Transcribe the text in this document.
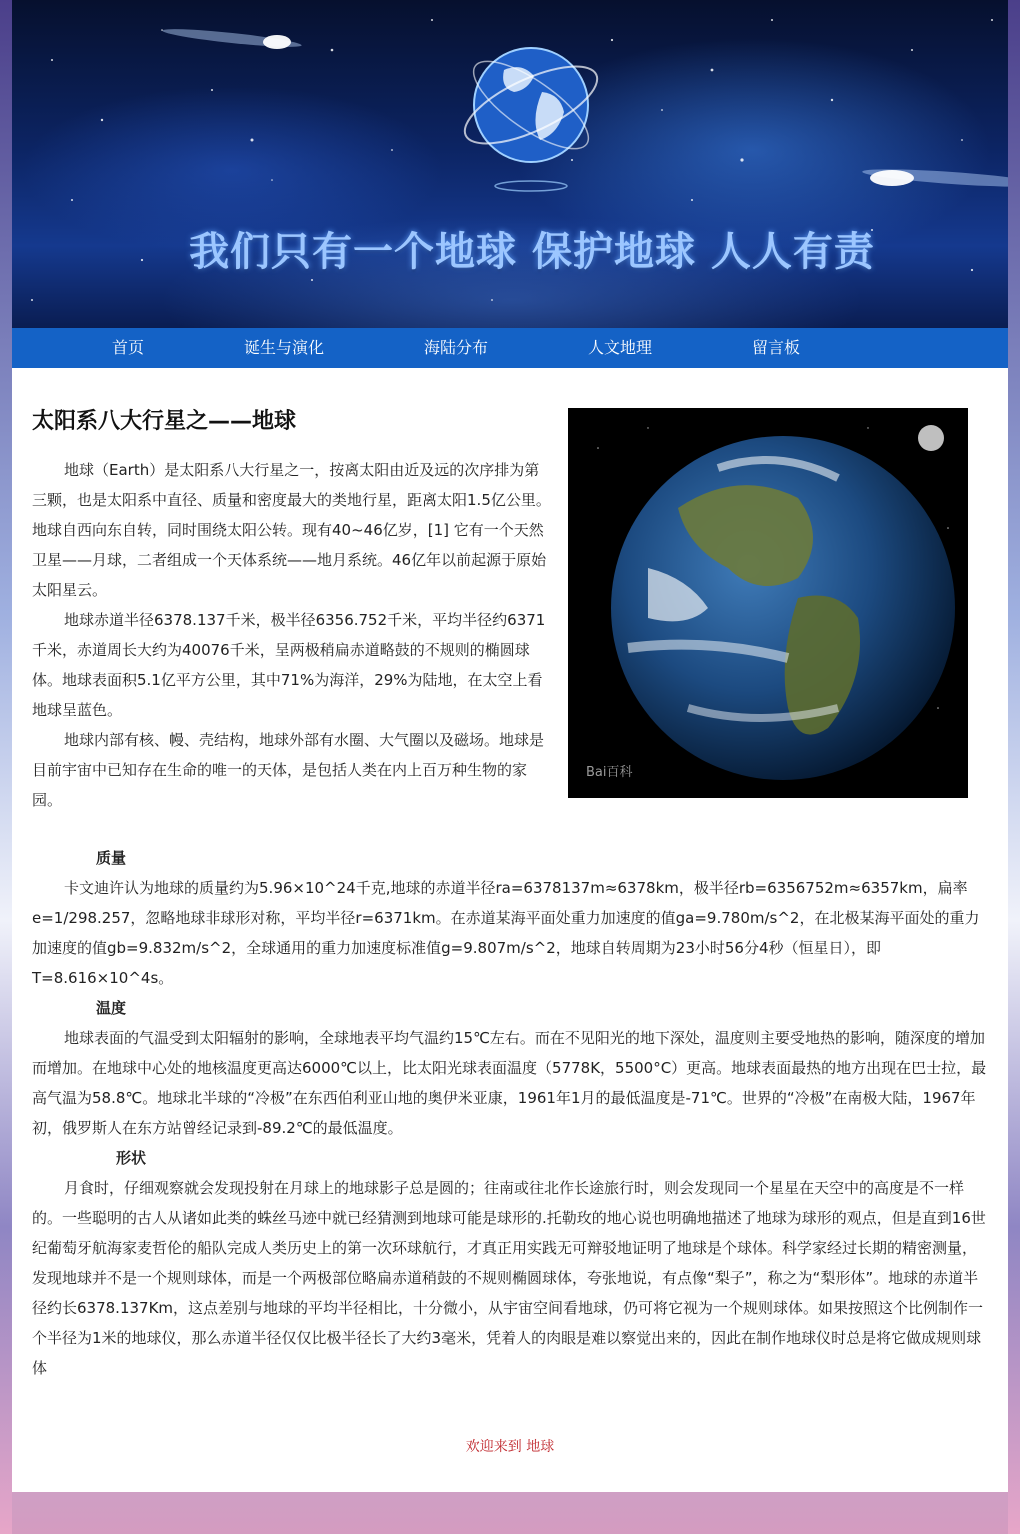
我们只有一个地球 保护地球 人人有责
首页	诞生与演化	海陆分布	人文地理	留言板
太阳系八大行星之——地球

地球（Earth）是太阳系八大行星之一，按离太阳由近及远的次序排为第三颗，也是太阳系中直径、质量和密度最大的类地行星，距离太阳1.5亿公里。地球自西向东自转，同时围绕太阳公转。现有40~46亿岁，[1] 它有一个天然卫星——月球，二者组成一个天体系统——地月系统。46亿年以前起源于原始太阳星云。

地球赤道半径6378.137千米，极半径6356.752千米，平均半径约6371千米，赤道周长大约为40076千米，呈两极稍扁赤道略鼓的不规则的椭圆球体。地球表面积5.1亿平方公里，其中71%为海洋，29%为陆地，在太空上看地球呈蓝色。

地球内部有核、幔、壳结构，地球外部有水圈、大气圈以及磁场。地球是目前宇宙中已知存在生命的唯一的天体，是包括人类在内上百万种生物的家园。

Bai百科

质量

卡文迪许认为地球的质量约为5.96×10^24千克,地球的赤道半径ra=6378137m≈6378km，极半径rb=6356752m≈6357km，扁率e=1/298.257，忽略地球非球形对称，平均半径r=6371km。在赤道某海平面处重力加速度的值ga=9.780m/s^2，在北极某海平面处的重力加速度的值gb=9.832m/s^2，全球通用的重力加速度标准值g=9.807m/s^2，地球自转周期为23小时56分4秒（恒星日），即T=8.616×10^4s。

温度

地球表面的气温受到太阳辐射的影响，全球地表平均气温约15℃左右。而在不见阳光的地下深处，温度则主要受地热的影响，随深度的增加而增加。在地球中心处的地核温度更高达6000℃以上，比太阳光球表面温度（5778K，5500°C）更高。地球表面最热的地方出现在巴士拉，最高气温为58.8℃。地球北半球的“冷极”在东西伯利亚山地的奥伊米亚康，1961年1月的最低温度是-71℃。世界的“冷极”在南极大陆，1967年初，俄罗斯人在东方站曾经记录到-89.2℃的最低温度。

形状

月食时，仔细观察就会发现投射在月球上的地球影子总是圆的；往南或往北作长途旅行时，则会发现同一个星星在天空中的高度是不一样的。一些聪明的古人从诸如此类的蛛丝马迹中就已经猜测到地球可能是球形的.托勒玫的地心说也明确地描述了地球为球形的观点，但是直到16世纪葡萄牙航海家麦哲伦的船队完成人类历史上的第一次环球航行，才真正用实践无可辩驳地证明了地球是个球体。科学家经过长期的精密测量，发现地球并不是一个规则球体，而是一个两极部位略扁赤道稍鼓的不规则椭圆球体，夸张地说，有点像“梨子”，称之为“梨形体”。地球的赤道半径约长6378.137Km，这点差别与地球的平均半径相比，十分微小，从宇宙空间看地球，仍可将它视为一个规则球体。如果按照这个比例制作一个半径为1米的地球仪，那么赤道半径仅仅比极半径长了大约3毫米，凭着人的肉眼是难以察觉出来的，因此在制作地球仪时总是将它做成规则球体

欢迎来到 地球
